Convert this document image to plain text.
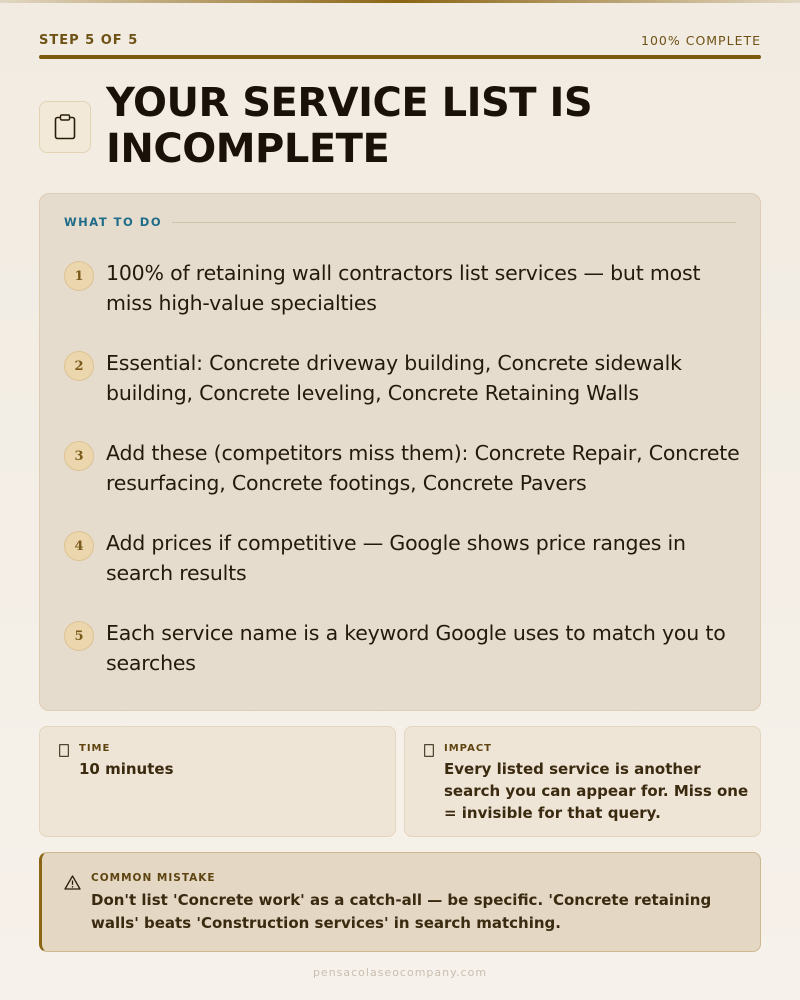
STEP 5 OF 5	100% COMPLETE
YOUR SERVICE LIST IS INCOMPLETE
WHAT TO DO
1	100% of retaining wall contractors list services — but most miss high-value specialties
2	Essential: Concrete driveway building, Concrete sidewalk building, Concrete leveling, Concrete Retaining Walls
3	Add these (competitors miss them): Concrete Repair, Concrete resurfacing, Concrete footings, Concrete Pavers
4	Add prices if competitive — Google shows price ranges in search results
5	Each service name is a keyword Google uses to match you to searches
TIME
10 minutes
IMPACT
Every listed service is another search you can appear for. Miss one = invisible for that query.
COMMON MISTAKE
Don't list 'Concrete work' as a catch-all — be specific. 'Concrete retaining walls' beats 'Construction services' in search matching.
pensacolaseocompany.com
